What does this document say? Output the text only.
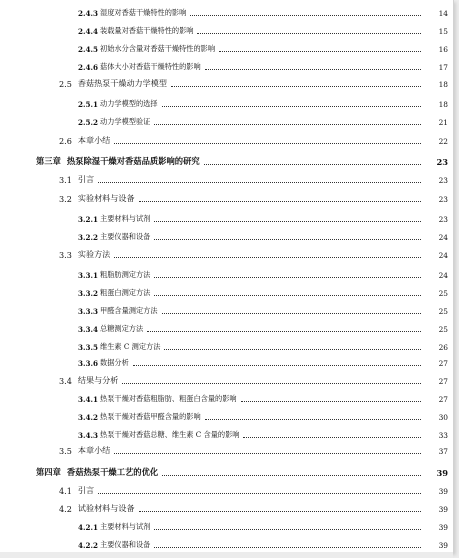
2.4.3 湿度对香菇干燥特性的影响	14
2.4.4 装载量对香菇干燥特性的影响	15
2.4.5 初始水分含量对香菇干燥特性的影响	16
2.4.6 菇体大小对香菇干燥特性的影响	17
2.5 香菇热泵干燥动力学模型	18
2.5.1 动力学模型的选择	18
2.5.2 动力学模型验证	21
2.6 本章小结	22
第三章 热泵除湿干燥对香菇品质影响的研究	23
3.1 引言	23
3.2 实验材料与设备	23
3.2.1 主要材料与试剂	23
3.2.2 主要仪器和设备	24
3.3 实验方法	24
3.3.1 粗脂肪测定方法	24
3.3.2 粗蛋白测定方法	25
3.3.3 甲醛含量测定方法	25
3.3.4 总糖测定方法	25
3.3.5 维生素 C 测定方法	26
3.3.6 数据分析	27
3.4 结果与分析	27
3.4.1 热泵干燥对香菇粗脂肪、粗蛋白含量的影响	27
3.4.2 热泵干燥对香菇甲醛含量的影响	30
3.4.3 热泵干燥对香菇总糖、维生素 C 含量的影响	33
3.5 本章小结	37
第四章 香菇热泵干燥工艺的优化	39
4.1 引言	39
4.2 试验材料与设备	39
4.2.1 主要材料与试剂	39
4.2.2 主要仪器和设备	39
